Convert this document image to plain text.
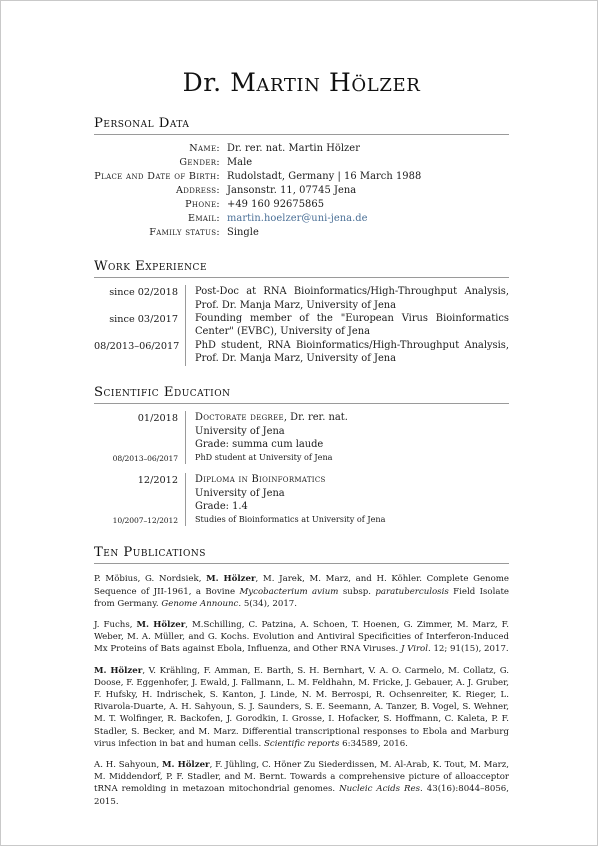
Dr. Martin Hölzer
Personal Data
Name: Dr. rer. nat. Martin Hölzer
Gender: Male
Place and Date of Birth: Rudolstadt, Germany | 16 March 1988
Address: Jansonstr. 11, 07745 Jena
Phone: +49 160 92675865
Email: martin.hoelzer@uni-jena.de
Family status: Single
Work Experience
since 02/2018	Post-Doc at RNA Bioinformatics/High-Throughput Analysis, Prof. Dr. Manja Marz, University of Jena
since 03/2017	Founding member of the "European Virus Bioinformatics Center" (EVBC), University of Jena
08/2013–06/2017	PhD student, RNA Bioinformatics/High-Throughput Analysis, Prof. Dr. Manja Marz, University of Jena
Scientific Education
01/2018	Doctorate degree, Dr. rer. nat.
University of Jena
Grade: summa cum laude
08/2013–06/2017	PhD student at University of Jena
12/2012	Diploma in Bioinformatics
University of Jena
Grade: 1.4
10/2007–12/2012	Studies of Bioinformatics at University of Jena
Ten Publications
P. Möbius, G. Nordsiek, M. Hölzer, M. Jarek, M. Marz, and H. Köhler. Complete Genome Sequence of JII-1961, a Bovine Mycobacterium avium subsp. paratuberculosis Field Isolate from Germany. Genome Announc. 5(34), 2017.
J. Fuchs, M. Hölzer, M.Schilling, C. Patzina, A. Schoen, T. Hoenen, G. Zimmer, M. Marz, F. Weber, M. A. Müller, and G. Kochs. Evolution and Antiviral Specificities of Interferon-Induced Mx Proteins of Bats against Ebola, Influenza, and Other RNA Viruses. J Virol. 12; 91(15), 2017.
M. Hölzer, V. Krähling, F. Amman, E. Barth, S. H. Bernhart, V. A. O. Carmelo, M. Collatz, G. Doose, F. Eggenhofer, J. Ewald, J. Fallmann, L. M. Feldhahn, M. Fricke, J. Gebauer, A. J. Gruber, F. Hufsky, H. Indrischek, S. Kanton, J. Linde, N. M. Berrospi, R. Ochsenreiter, K. Rieger, L. Rivarola-Duarte, A. H. Sahyoun, S. J. Saunders, S. E. Seemann, A. Tanzer, B. Vogel, S. Wehner, M. T. Wolfinger, R. Backofen, J. Gorodkin, I. Grosse, I. Hofacker, S. Hoffmann, C. Kaleta, P. F. Stadler, S. Becker, and M. Marz. Differential transcriptional responses to Ebola and Marburg virus infection in bat and human cells. Scientific reports 6:34589, 2016.
A. H. Sahyoun, M. Hölzer, F. Jühling, C. Höner Zu Siederdissen, M. Al-Arab, K. Tout, M. Marz, M. Middendorf, P. F. Stadler, and M. Bernt. Towards a comprehensive picture of alloacceptor tRNA remolding in metazoan mitochondrial genomes. Nucleic Acids Res. 43(16):8044–8056, 2015.
